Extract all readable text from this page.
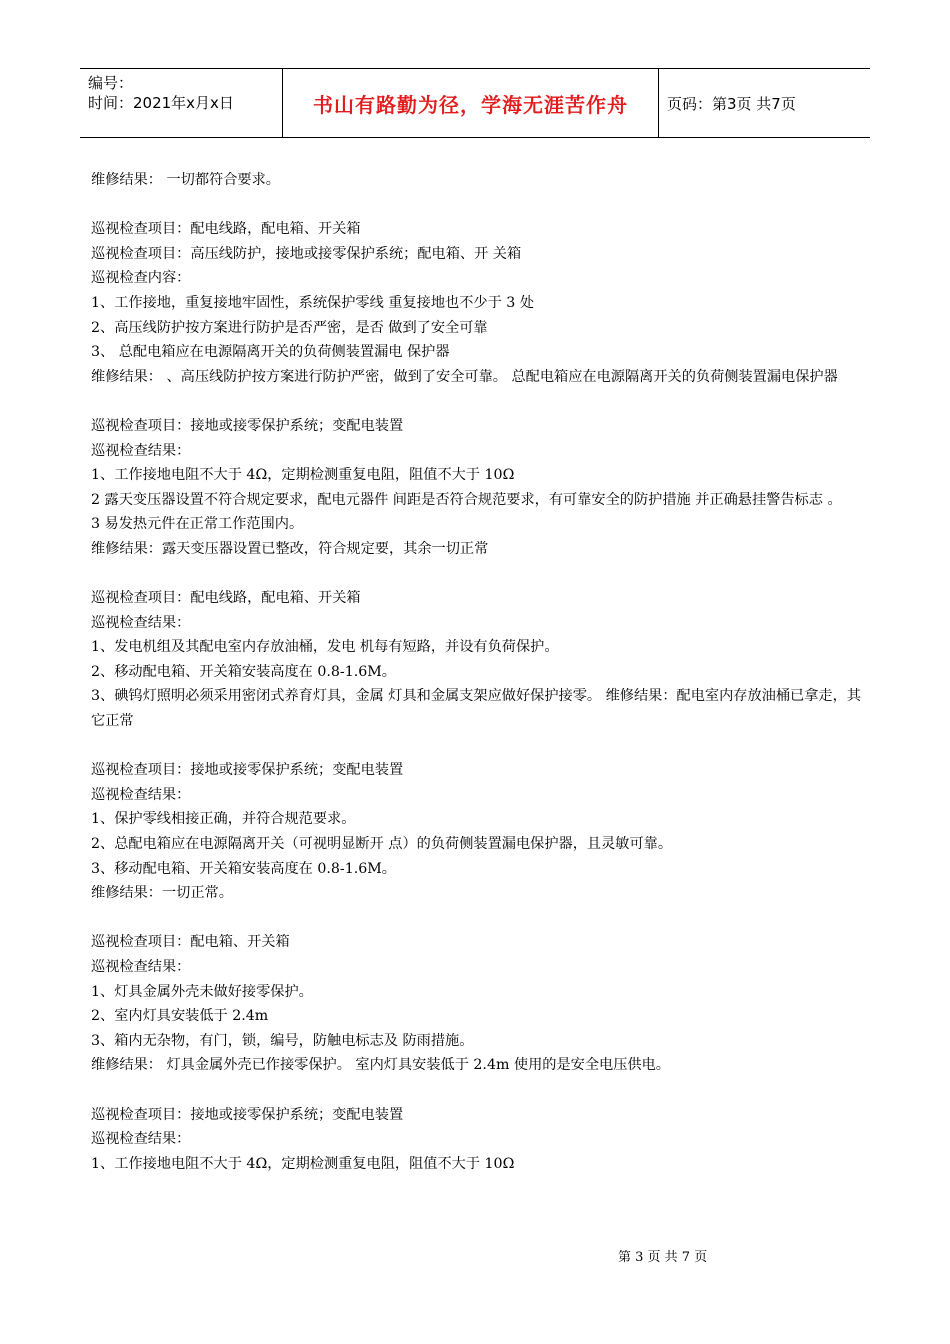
编号：
时间：2021年x月x日	书山有路勤为径，学海无涯苦作舟	页码：第3页 共7页
维修结果： 一切都符合要求。
巡视检查项目：配电线路，配电箱、开关箱
巡视检查项目：高压线防护，接地或接零保护系统；配电箱、开 关箱
巡视检查内容：
1、工作接地，重复接地牢固性，系统保护零线 重复接地也不少于 3 处
2、高压线防护按方案进行防护是否严密，是否 做到了安全可靠
3、 总配电箱应在电源隔离开关的负荷侧装置漏电 保护器
维修结果： 、高压线防护按方案进行防护严密，做到了安全可靠。 总配电箱应在电源隔离开关的负荷侧装置漏电保护器
巡视检查项目：接地或接零保护系统；变配电装置
巡视检查结果：
1、工作接地电阻不大于 4Ω，定期检测重复电阻，阻值不大于 10Ω
2 露天变压器设置不符合规定要求，配电元器件 间距是否符合规范要求，有可靠安全的防护措施 并正确悬挂警告标志 。
3 易发热元件在正常工作范围内。
维修结果：露天变压器设置已整改，符合规定要，其余一切正常
巡视检查项目：配电线路，配电箱、开关箱
巡视检查结果：
1、发电机组及其配电室内存放油桶，发电 机每有短路，并设有负荷保护。
2、移动配电箱、开关箱安装高度在 0.8-1.6M。
3、碘钨灯照明必须采用密闭式养育灯具，金属 灯具和金属支架应做好保护接零。 维修结果：配电室内存放油桶已拿走，其它正常
巡视检查项目：接地或接零保护系统；变配电装置
巡视检查结果：
1、保护零线相接正确，并符合规范要求。
2、总配电箱应在电源隔离开关（可视明显断开 点）的负荷侧装置漏电保护器，且灵敏可靠。
3、移动配电箱、开关箱安装高度在 0.8-1.6M。
维修结果：一切正常。
巡视检查项目：配电箱、开关箱
巡视检查结果：
1、灯具金属外壳未做好接零保护。
2、室内灯具安装低于 2.4m
3、箱内无杂物，有门，锁，编号，防触电标志及 防雨措施。
维修结果： 灯具金属外壳已作接零保护。 室内灯具安装低于 2.4m 使用的是安全电压供电。
巡视检查项目：接地或接零保护系统；变配电装置
巡视检查结果：
1、工作接地电阻不大于 4Ω，定期检测重复电阻，阻值不大于 10Ω
第 3 页 共 7 页
